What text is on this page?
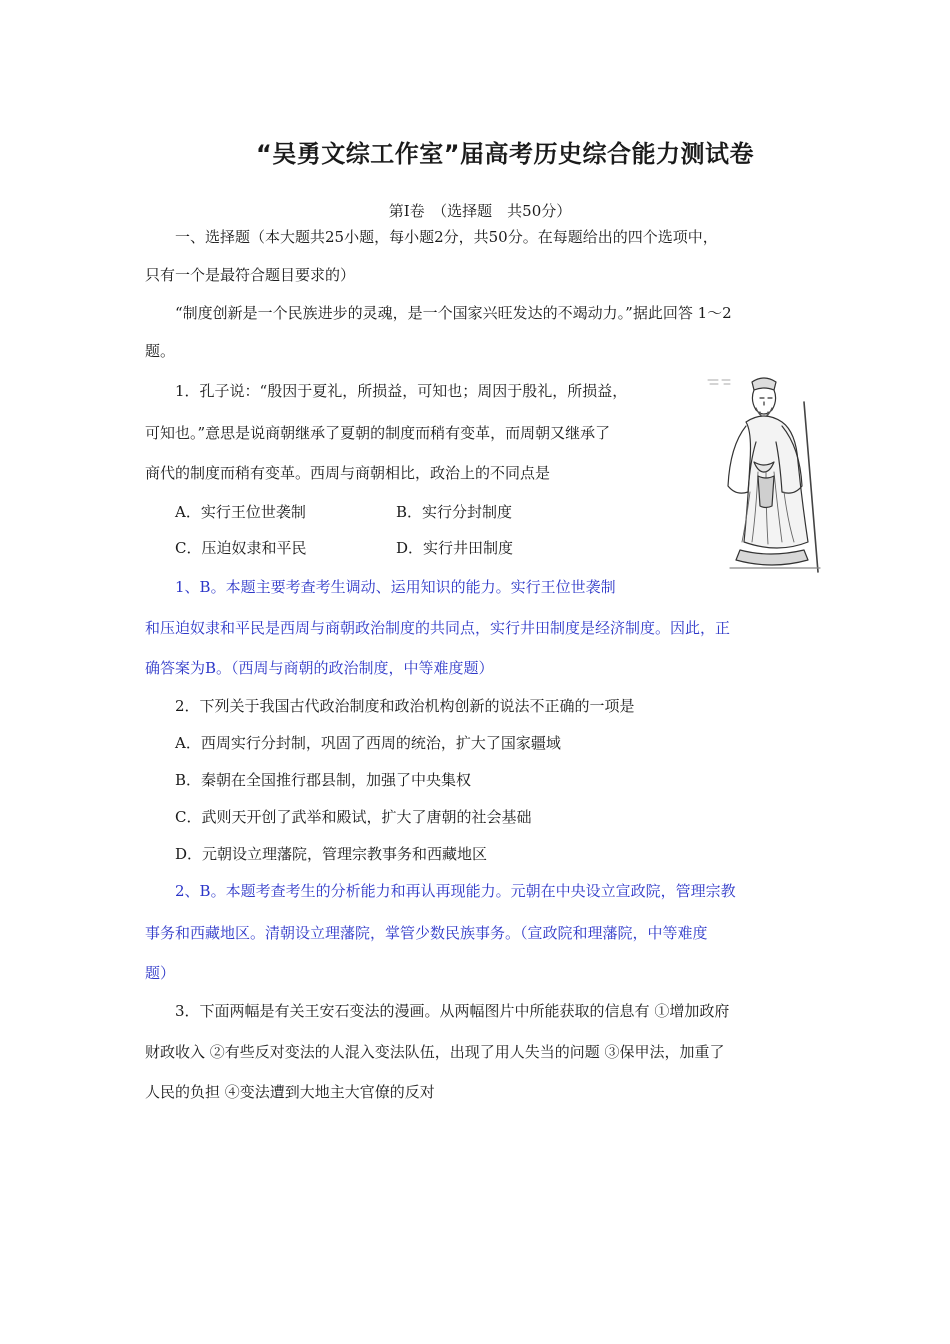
“吴勇文综工作室”届高考历史综合能力测试卷
第Ⅰ卷　（选择题　共50分）
一、选择题（本大题共25小题，每小题2分，共50分。在每题给出的四个选项中，
只有一个是最符合题目要求的）
“制度创新是一个民族进步的灵魂，是一个国家兴旺发达的不竭动力。”据此回答 1～2
题。
1．孔子说：“殷因于夏礼，所损益，可知也；周因于殷礼，所损益，
可知也。”意思是说商朝继承了夏朝的制度而稍有变革，而周朝又继承了
商代的制度而稍有变革。西周与商朝相比，政治上的不同点是
A．实行王位世袭制	B．实行分封制度
C．压迫奴隶和平民	D．实行井田制度
1、B。本题主要考查考生调动、运用知识的能力。实行王位世袭制
和压迫奴隶和平民是西周与商朝政治制度的共同点，实行井田制度是经济制度。因此，正
确答案为B。（西周与商朝的政治制度，中等难度题）
2．下列关于我国古代政治制度和政治机构创新的说法不正确的一项是
A．西周实行分封制，巩固了西周的统治，扩大了国家疆域
B．秦朝在全国推行郡县制，加强了中央集权
C．武则天开创了武举和殿试，扩大了唐朝的社会基础
D．元朝设立理藩院，管理宗教事务和西藏地区
2、B。本题考查考生的分析能力和再认再现能力。元朝在中央设立宣政院，管理宗教
事务和西藏地区。清朝设立理藩院，掌管少数民族事务。（宣政院和理藩院，中等难度
题）
3．下面两幅是有关王安石变法的漫画。从两幅图片中所能获取的信息有 ①增加政府
财政收入 ②有些反对变法的人混入变法队伍，出现了用人失当的问题 ③保甲法，加重了
人民的负担 ④变法遭到大地主大官僚的反对
